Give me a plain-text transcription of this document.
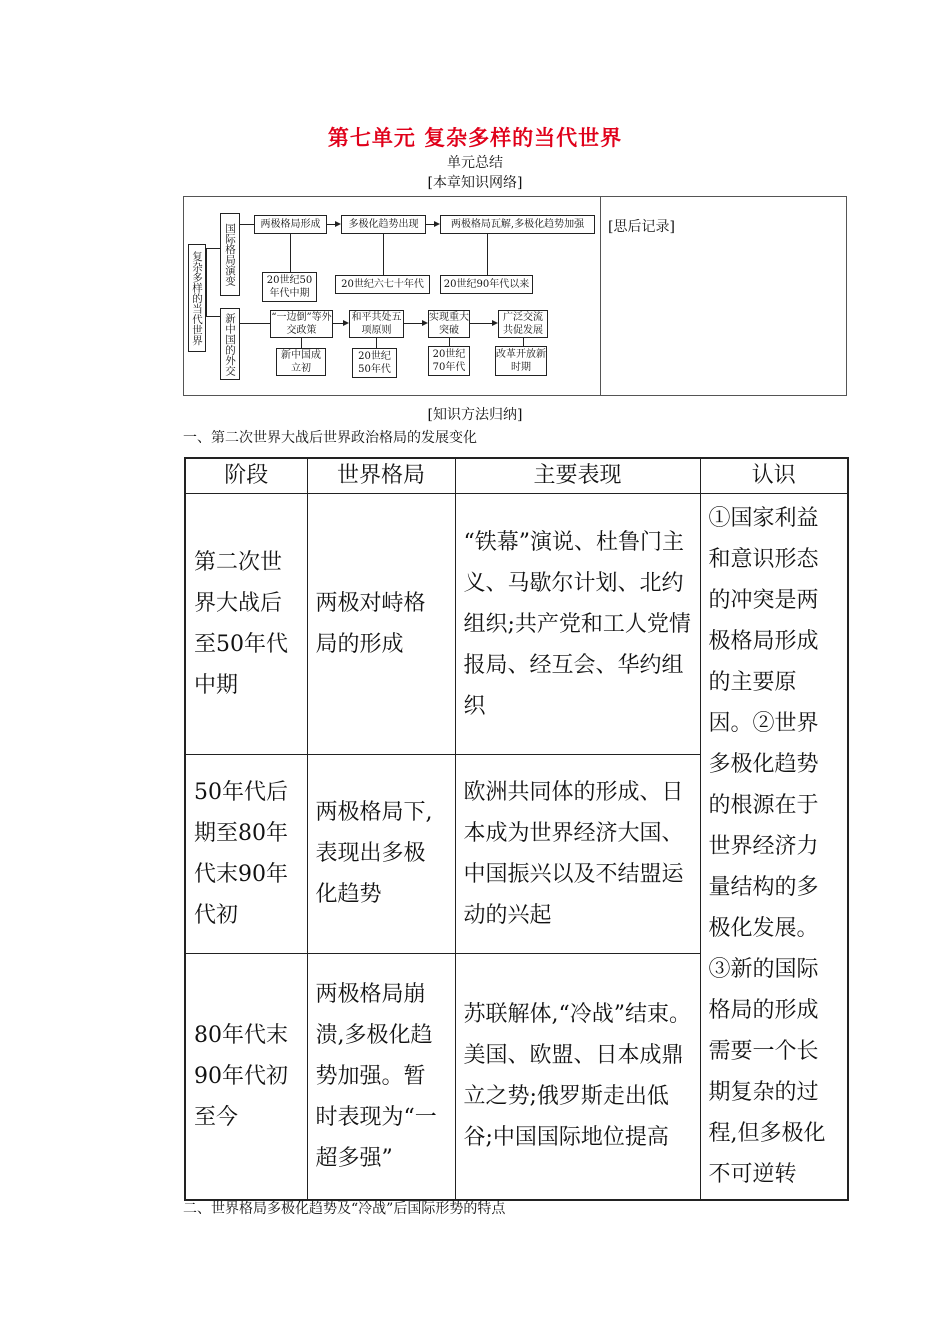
第七单元 复杂多样的当代世界
单元总结
[本章知识网络]
[思后记录]
复杂多样的当代世界	国际格局演变
新中国的外交
两极格局形成	多极化趋势出现	两极格局瓦解,多极化趋势加强
20世纪50年代中期
20世纪六七十年代	20世纪90年代以来
“一边倒”等外交政策
和平共处五项原则
实现重大突破
广泛交流共促发展
新中国成立初
20世纪50年代
20世纪70年代
改革开放新时期
[知识方法归纳]
一、第二次世界大战后世界政治格局的发展变化
阶段	世界格局	主要表现	认识
第二次世界大战后至50年代中期	两极对峙格局的形成	“铁幕”演说、杜鲁门主义、马歇尔计划、北约组织;共产党和工人党情报局、经互会、华约组织	①国家利益和意识形态的冲突是两极格局形成的主要原因。②世界多极化趋势的根源在于世界经济力量结构的多极化发展。③新的国际格局的形成需要一个长期复杂的过程,但多极化不可逆转
50年代后期至80年代末90年代初	两极格局下,表现出多极化趋势	欧洲共同体的形成、日本成为世界经济大国、中国振兴以及不结盟运动的兴起	
80年代末90年代初至今	两极格局崩溃,多极化趋势加强。暂时表现为“一超多强”	苏联解体,“冷战”结束。美国、欧盟、日本成鼎立之势;俄罗斯走出低谷;中国国际地位提高	
二、世界格局多极化趋势及“冷战”后国际形势的特点
